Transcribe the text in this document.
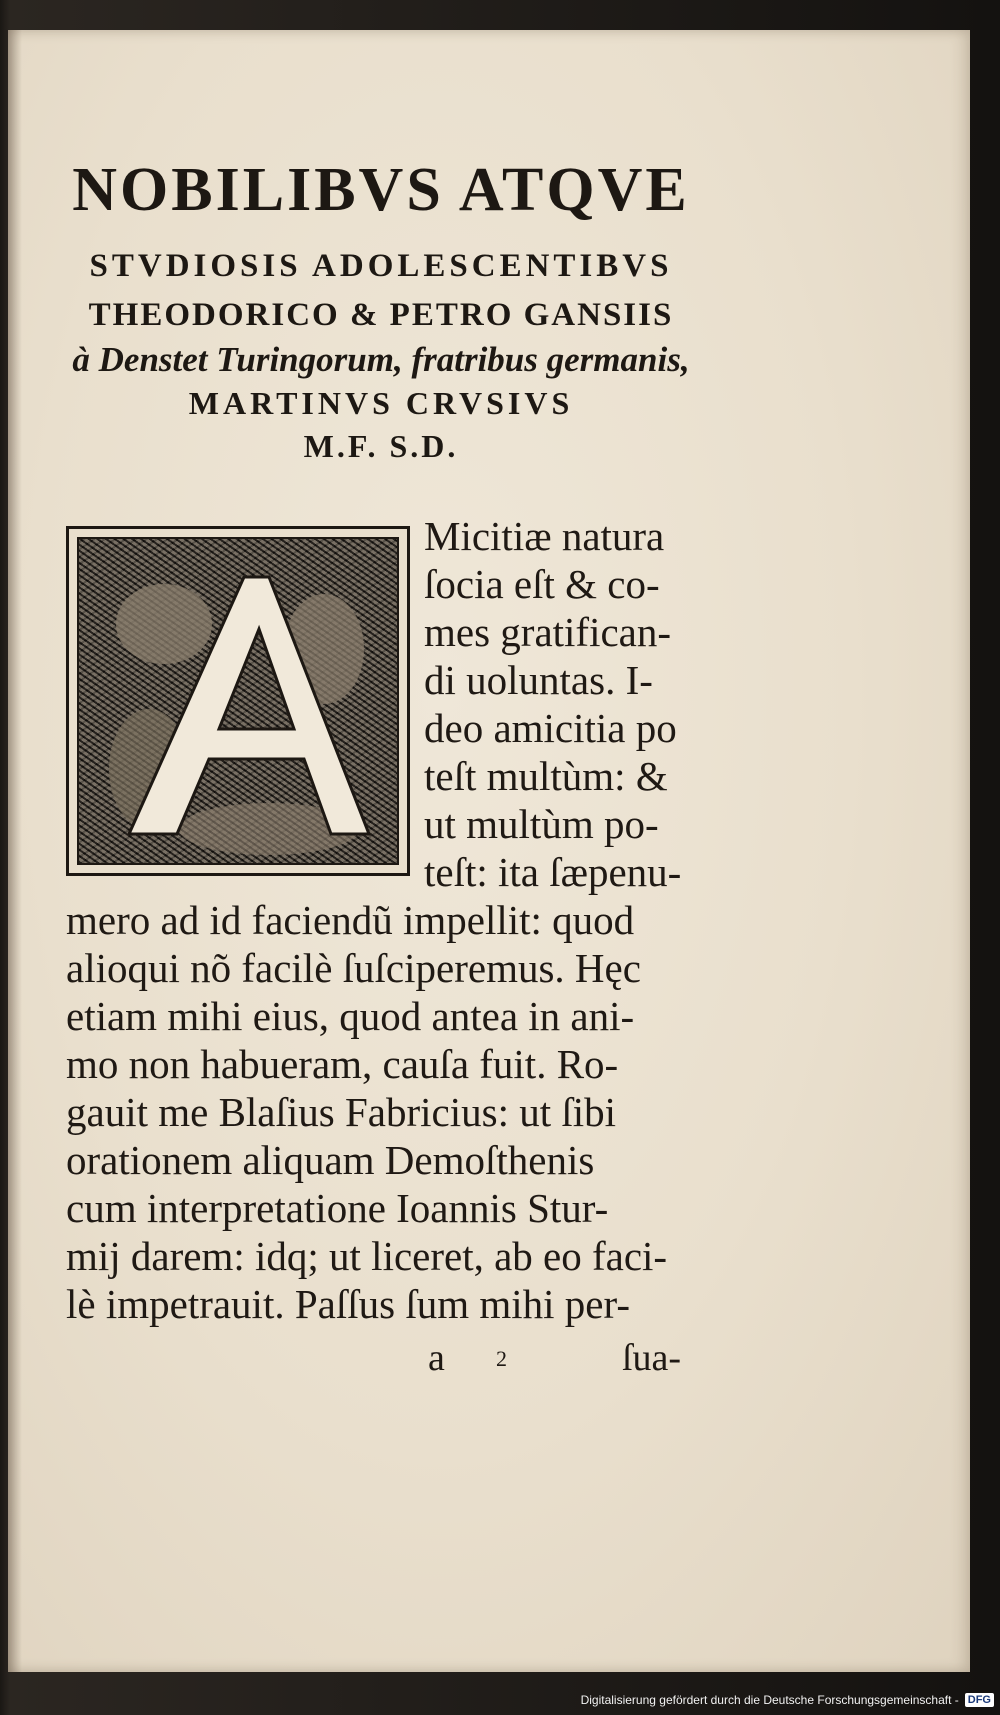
NOBILIBVS ATQVE

STVDIOSIS ADOLESCENTIBVS

THEODORICO & PETRO GANSIIS

à Denstet Turingorum, fratribus germanis,

MARTINVS CRVSIVS

M.F. S.D.

Micitiæ natura
ſocia eſt & co-
mes gratifican-
di uoluntas. I-
deo amicitia po
teſt multùm: &
ut multùm po-
teſt: ita ſæpenu-
mero ad id faciendũ impellit: quod
alioqui nõ facilè ſuſciperemus. Hęc
etiam mihi eius, quod antea in ani-
mo non habueram, cauſa fuit. Ro-
gauit me Blaſius Fabricius: ut ſibi
orationem aliquam Demoſthenis
cum interpretatione Ioannis Stur-
mij darem: idq; ut liceret, ab eo faci-
lè impetrauit. Paſſus ſum mihi per-

a 2	ſua-

Digitalisierung gefördert durch die Deutsche Forschungsgemeinschaft - DFG
